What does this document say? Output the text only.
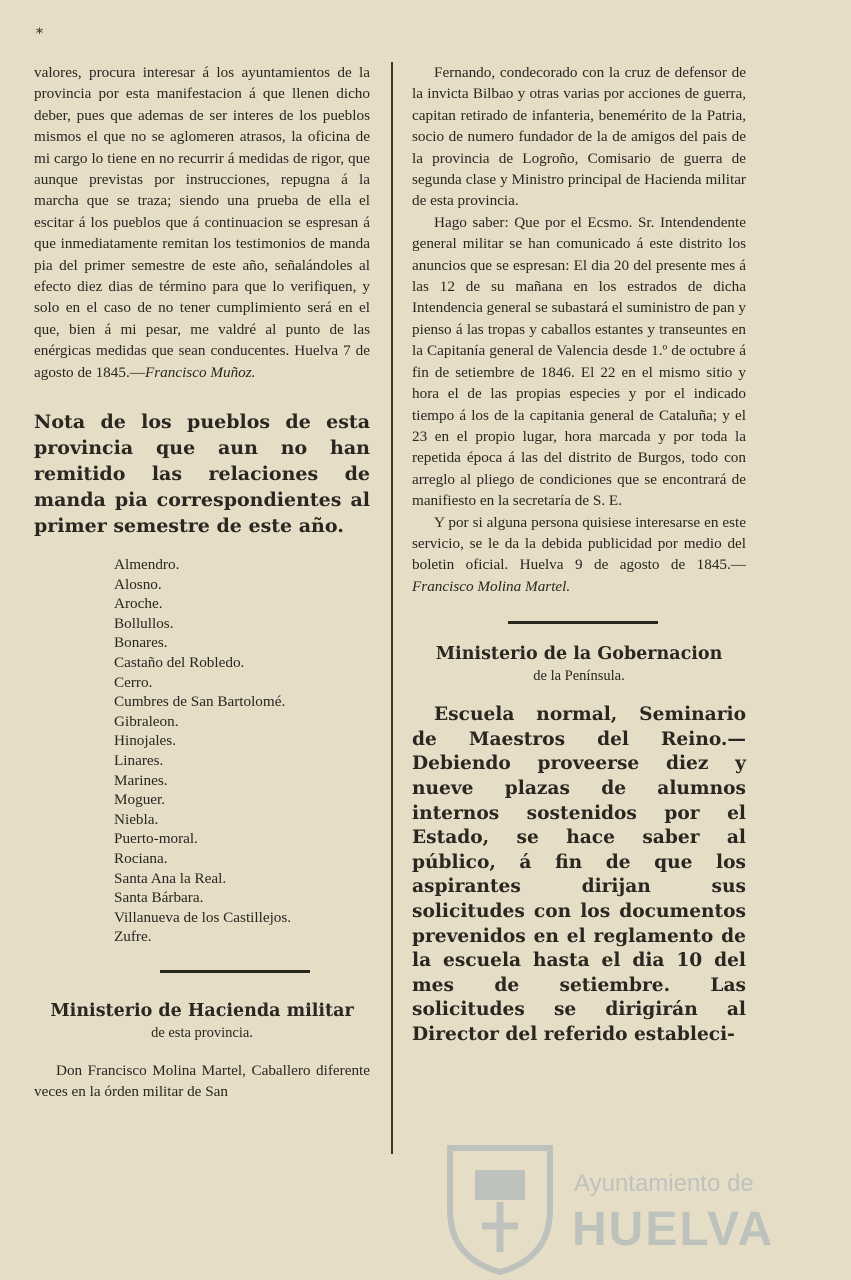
*

valores, procura interesar á los ayuntamientos de la provincia por esta manifestacion á que llenen dicho deber, pues que ademas de ser interes de los pueblos mismos el que no se aglomeren atrasos, la oficina de mi cargo lo tiene en no recurrir á medidas de rigor, que aunque previstas por instrucciones, repugna á la marcha que se traza; siendo una prueba de ella el escitar á los pueblos que á continuacion se espresan á que inmediatamente remitan los testimonios de manda pia del primer semestre de este año, señalándoles al efecto diez dias de término para que lo verifiquen, y solo en el caso de no tener cumplimiento será en el que, bien á mi pesar, me valdré al punto de las enérgicas medidas que sean conducentes. Huelva 7 de agosto de 1845.—Francisco Muñoz.

Nota de los pueblos de esta provincia que aun no han remitido las relaciones de manda pia correspondientes al primer semestre de este año.

Almendro.
Alosno.
Aroche.
Bollullos.
Bonares.
Castaño del Robledo.
Cerro.
Cumbres de San Bartolomé.
Gibraleon.
Hinojales.
Linares.
Marines.
Moguer.
Niebla.
Puerto-moral.
Rociana.
Santa Ana la Real.
Santa Bárbara.
Villanueva de los Castillejos.
Zufre.

Ministerio de Hacienda militar

de esta provincia.

Don Francisco Molina Martel, Caballero diferente veces en la órden militar de San

Fernando, condecorado con la cruz de defensor de la invicta Bilbao y otras varias por acciones de guerra, capitan retirado de infanteria, benemérito de la Patria, socio de numero fundador de la de amigos del pais de la provincia de Logroño, Comisario de guerra de segunda clase y Ministro principal de Hacienda militar de esta provincia.

Hago saber: Que por el Ecsmo. Sr. Intendendente general militar se han comunicado á este distrito los anuncios que se espresan: El dia 20 del presente mes á las 12 de su mañana en los estrados de dicha Intendencia general se subastará el suministro de pan y pienso á las tropas y caballos estantes y transeuntes en la Capitanía general de Valencia desde 1.º de octubre á fin de setiembre de 1846. El 22 en el mismo sitio y hora el de las propias especies y por el indicado tiempo á los de la capitania general de Cataluña; y el 23 en el propio lugar, hora marcada y por toda la repetida época á las del distrito de Burgos, todo con arreglo al pliego de condiciones que se encontrará de manifiesto en la secretaría de S. E.

Y por si alguna persona quisiese interesarse en este servicio, se le da la debida publicidad por medio del boletin oficial. Huelva 9 de agosto de 1845.—Francisco Molina Martel.

Ministerio de la Gobernacion

de la Península.

Escuela normal, Seminario de Maestros del Reino.—Debiendo proveerse diez y nueve plazas de alumnos internos sostenidos por el Estado, se hace saber al público, á fin de que los aspirantes dirijan sus solicitudes con los documentos prevenidos en el reglamento de la escuela hasta el dia 10 del mes de setiembre. Las solicitudes se dirigirán al Director del referido estableci-

Ayuntamiento de
HUELVA
